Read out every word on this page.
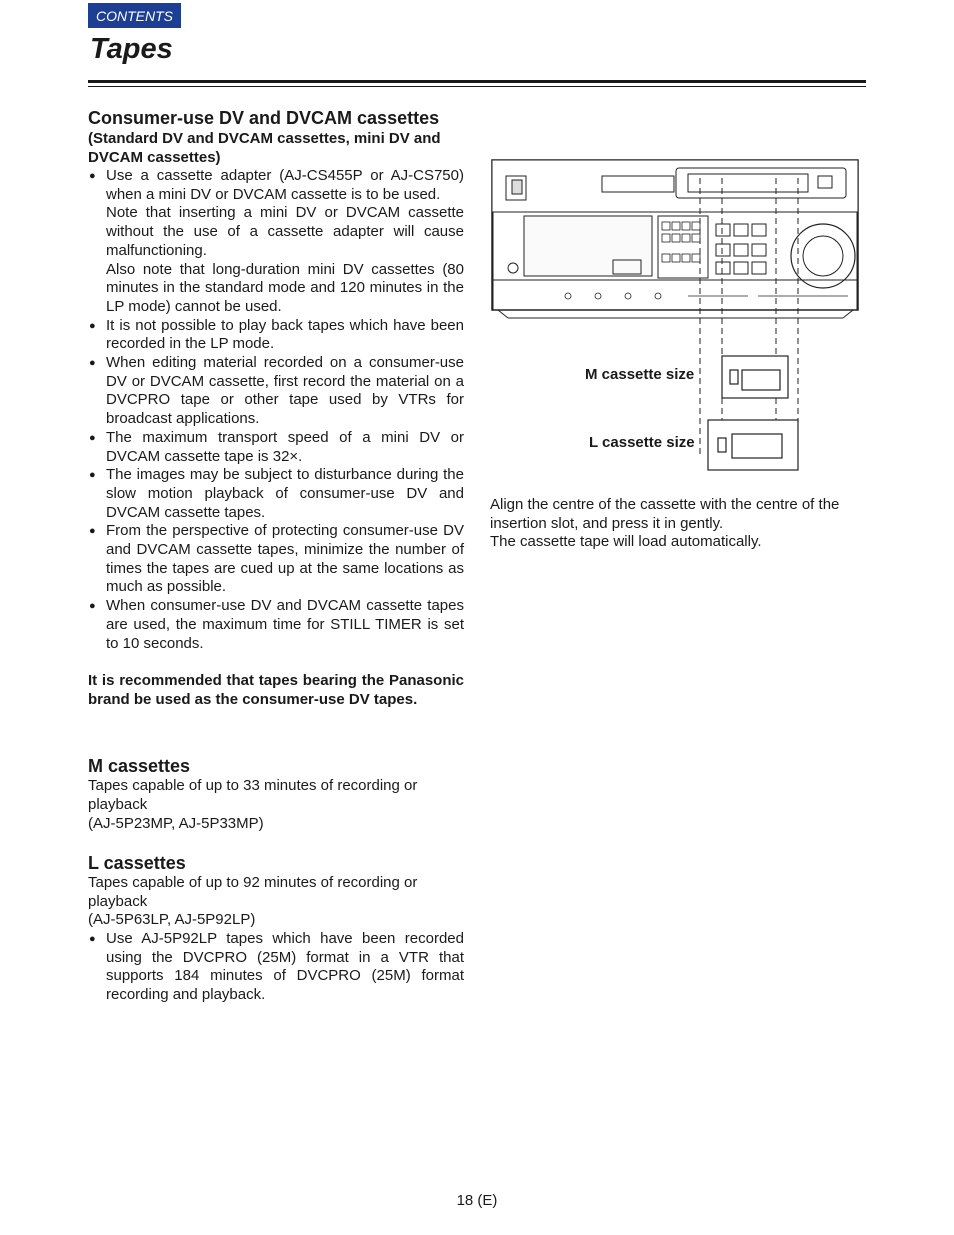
CONTENTS
Tapes
Consumer-use DV and DVCAM cassettes
(Standard DV and DVCAM cassettes, mini DV and DVCAM cassettes)
● Use a cassette adapter (AJ-CS455P or AJ-CS750) when a mini DV or DVCAM cassette is to be used.
Note that inserting a mini DV or DVCAM cassette without the use of a cassette adapter will cause malfunctioning.
Also note that long-duration mini DV cassettes (80 minutes in the standard mode and 120 minutes in the LP mode) cannot be used.
● It is not possible to play back tapes which have been recorded in the LP mode.
● When editing material recorded on a consumer-use DV or DVCAM cassette, first record the material on a DVCPRO tape or other tape used by VTRs for broadcast applications.
● The maximum transport speed of a mini DV or DVCAM cassette tape is 32×.
● The images may be subject to disturbance during the slow motion playback of consumer-use DV and DVCAM cassette tapes.
● From the perspective of protecting consumer-use DV and DVCAM cassette tapes, minimize the number of times the tapes are cued up at the same locations as much as possible.
● When consumer-use DV and DVCAM cassette tapes are used, the maximum time for STILL TIMER is set to 10 seconds.
It is recommended that tapes bearing the Panasonic brand be used as the consumer-use DV tapes.
M cassettes

Tapes capable of up to 33 minutes of recording or playback

(AJ-5P23MP, AJ-5P33MP)

L cassettes

Tapes capable of up to 92 minutes of recording or playback

(AJ-5P63LP, AJ-5P92LP)

● Use AJ-5P92LP tapes which have been recorded using the DVCPRO (25M) format in a VTR that supports 184 minutes of DVCPRO (25M) format recording and playback.
M cassette size
L cassette size
Align the centre of the cassette with the centre of the insertion slot, and press it in gently.
The cassette tape will load automatically.
18 (E)
